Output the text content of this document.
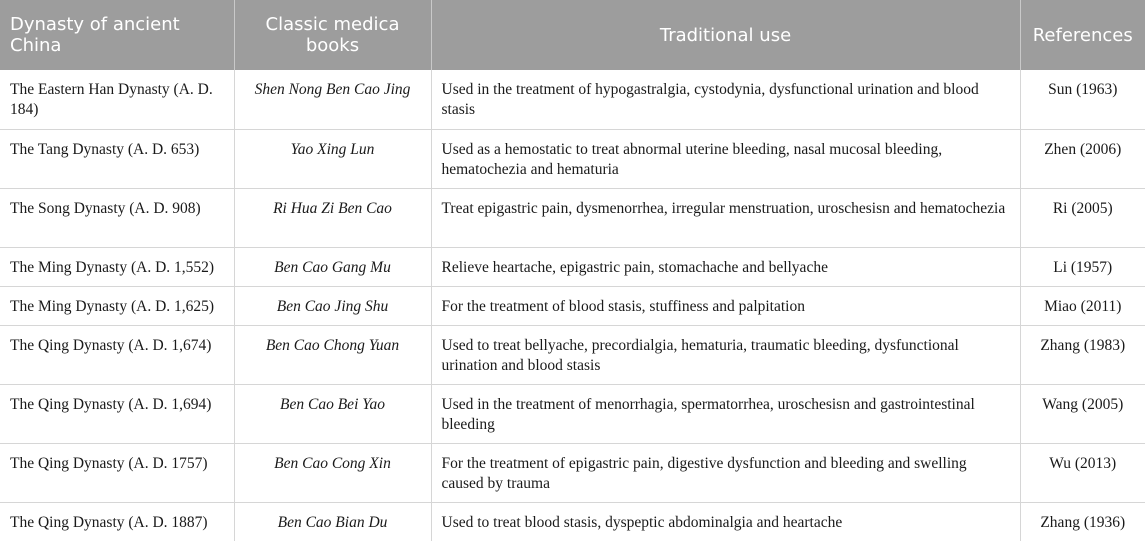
Dynasty of ancient China	Classic medica books	Traditional use	References
The Eastern Han Dynasty (A. D. 184)	Shen Nong Ben Cao Jing	Used in the treatment of hypogastralgia, cystodynia, dysfunctional urination and blood stasis	Sun (1963)
The Tang Dynasty (A. D. 653)	Yao Xing Lun	Used as a hemostatic to treat abnormal uterine bleeding, nasal mucosal bleeding, hematochezia and hematuria	Zhen (2006)
The Song Dynasty (A. D. 908)	Ri Hua Zi Ben Cao	Treat epigastric pain, dysmenorrhea, irregular menstruation, uroschesisn and hematochezia	Ri (2005)
The Ming Dynasty (A. D. 1,552)	Ben Cao Gang Mu	Relieve heartache, epigastric pain, stomachache and bellyache	Li (1957)
The Ming Dynasty (A. D. 1,625)	Ben Cao Jing Shu	For the treatment of blood stasis, stuffiness and palpitation	Miao (2011)
The Qing Dynasty (A. D. 1,674)	Ben Cao Chong Yuan	Used to treat bellyache, precordialgia, hematuria, traumatic bleeding, dysfunctional urination and blood stasis	Zhang (1983)
The Qing Dynasty (A. D. 1,694)	Ben Cao Bei Yao	Used in the treatment of menorrhagia, spermatorrhea, uroschesisn and gastrointestinal bleeding	Wang (2005)
The Qing Dynasty (A. D. 1757)	Ben Cao Cong Xin	For the treatment of epigastric pain, digestive dysfunction and bleeding and swelling caused by trauma	Wu (2013)
The Qing Dynasty (A. D. 1887)	Ben Cao Bian Du	Used to treat blood stasis, dyspeptic abdominalgia and heartache	Zhang (1936)
